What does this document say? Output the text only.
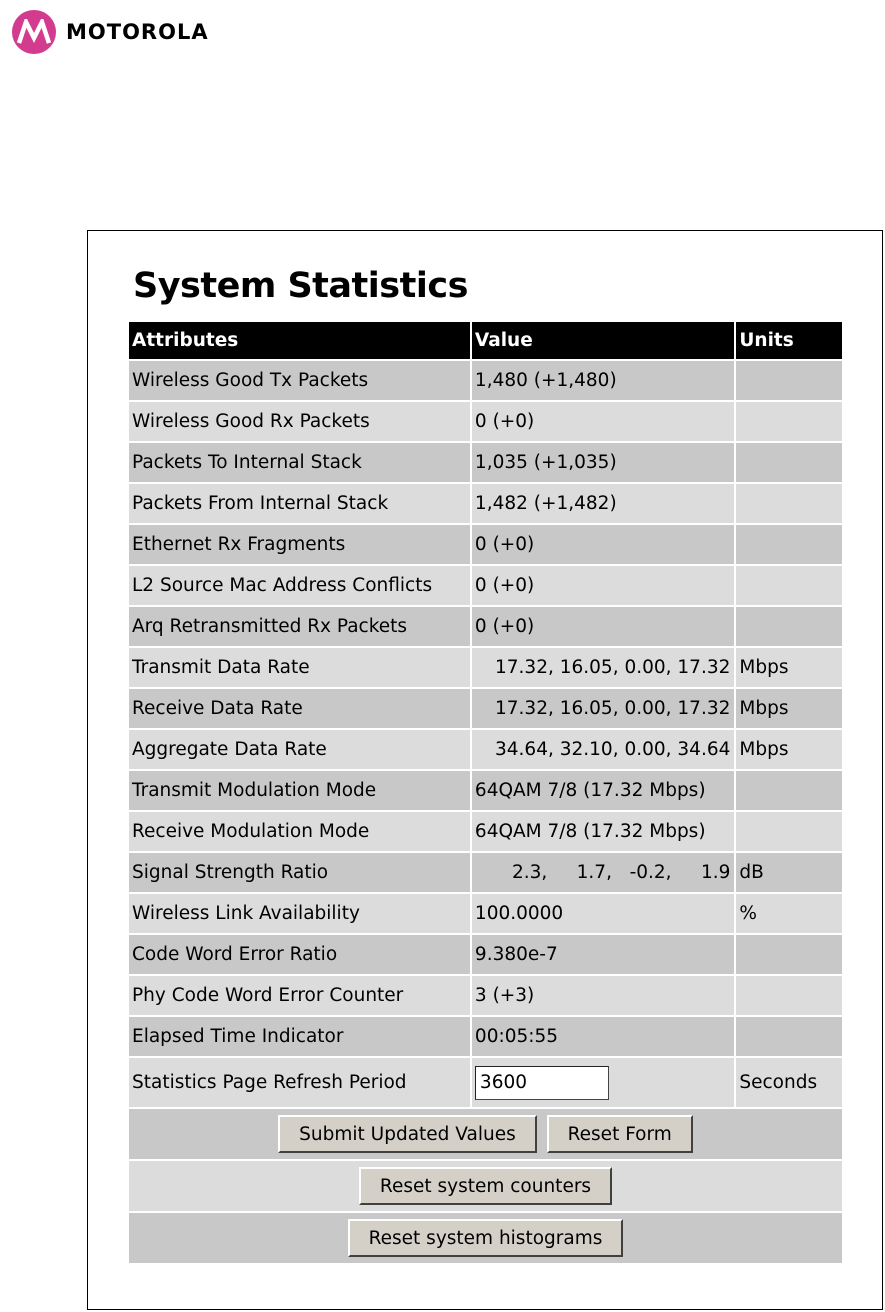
MOTOROLA
System Statistics
Attributes	Value	Units
Wireless Good Tx Packets	1,480 (+1,480)	
Wireless Good Rx Packets	0 (+0)	
Packets To Internal Stack	1,035 (+1,035)	
Packets From Internal Stack	1,482 (+1,482)	
Ethernet Rx Fragments	0 (+0)	
L2 Source Mac Address Conflicts	0 (+0)	
Arq Retransmitted Rx Packets	0 (+0)	
Transmit Data Rate	17.32, 16.05, 0.00, 17.32	Mbps
Receive Data Rate	17.32, 16.05, 0.00, 17.32	Mbps
Aggregate Data Rate	34.64, 32.10, 0.00, 34.64	Mbps
Transmit Modulation Mode	64QAM 7/8 (17.32 Mbps)	
Receive Modulation Mode	64QAM 7/8 (17.32 Mbps)	
Signal Strength Ratio	2.3,     1.7,   -0.2,     1.9	dB
Wireless Link Availability	100.0000	%
Code Word Error Ratio	9.380e-7	
Phy Code Word Error Counter	3 (+3)	
Elapsed Time Indicator	00:05:55	
Statistics Page Refresh Period	3600	Seconds
Submit Updated Values Reset Form		
Reset system counters		
Reset system histograms		
